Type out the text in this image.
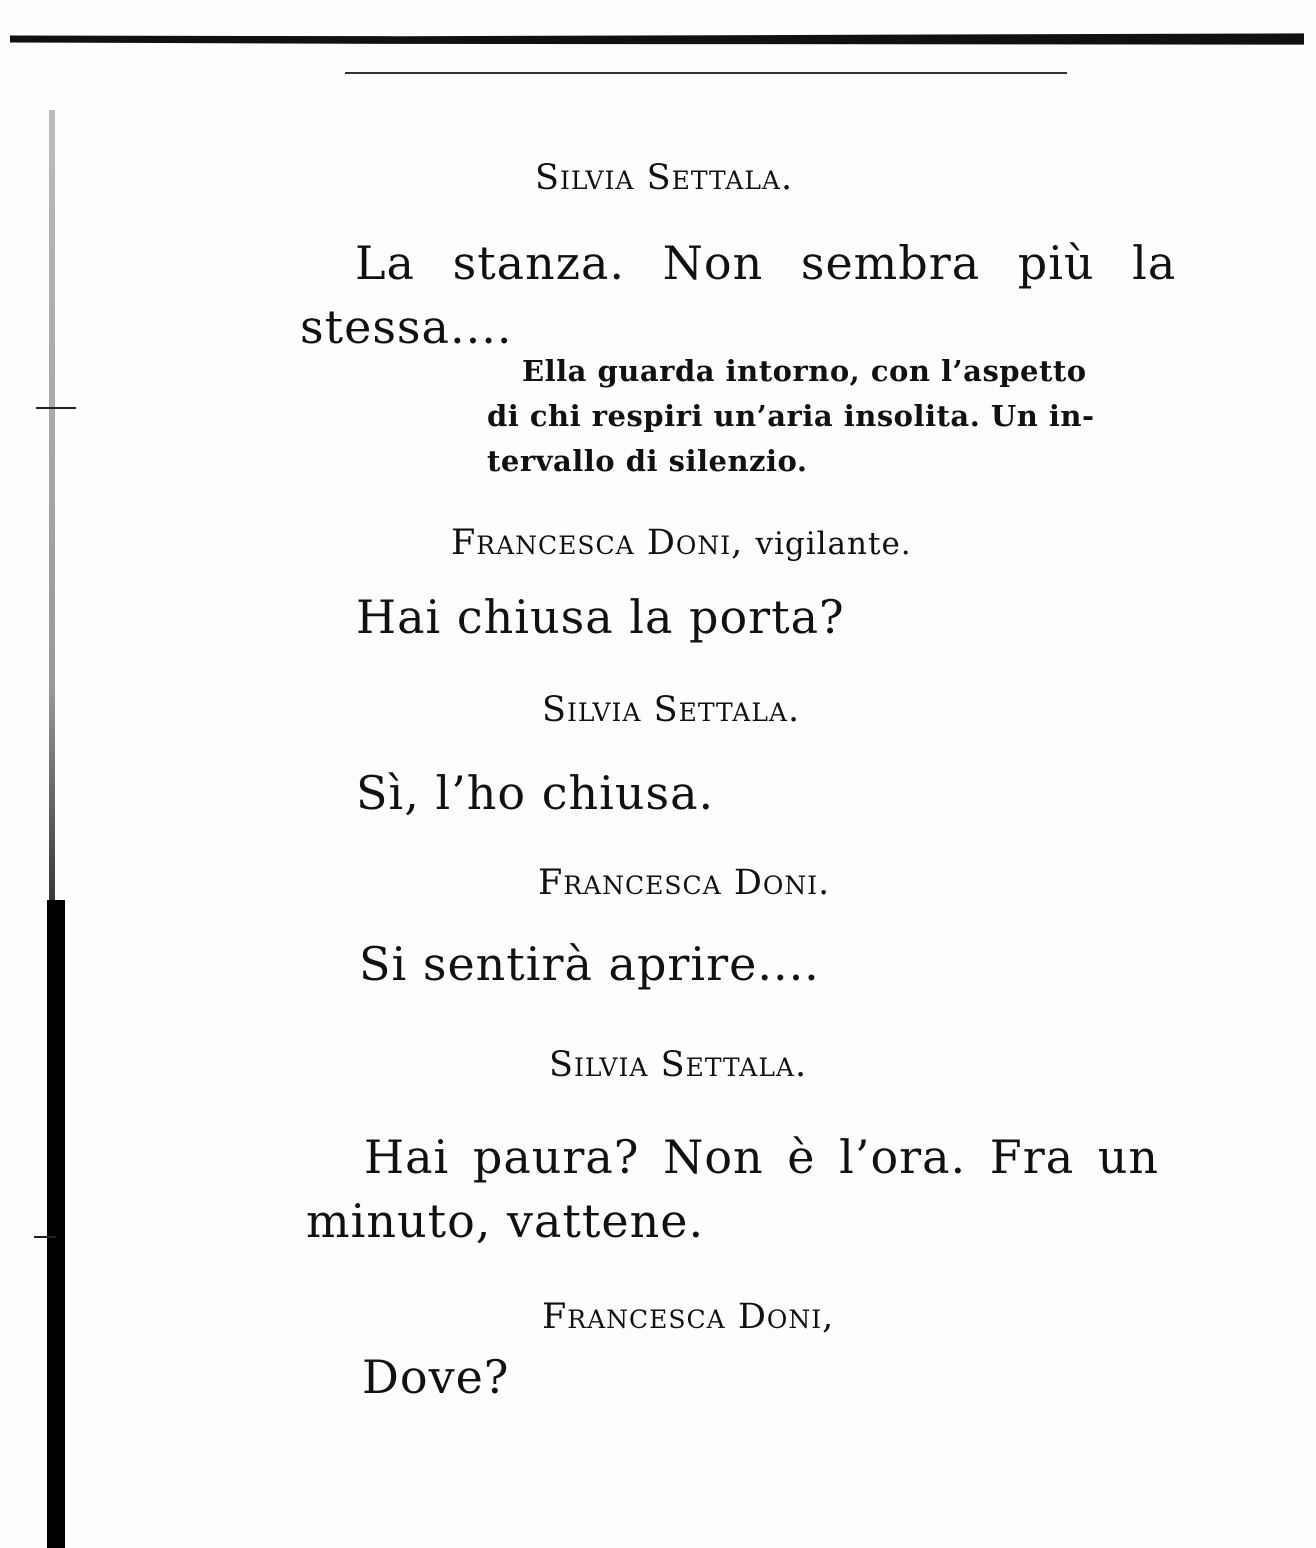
Silvia Settala.
La stanza. Non sembra più la
stessa....
Ella guarda intorno, con l’aspetto
di chi respiri un’aria insolita. Un in-
tervallo di silenzio.
Francesca Doni, vigilante.
Hai chiusa la porta?
Silvia Settala.
Sì, l’ho chiusa.
Francesca Doni.
Si sentirà aprire....
Silvia Settala.
Hai paura? Non è l’ora. Fra un
minuto, vattene.
Francesca Doni,
Dove?
